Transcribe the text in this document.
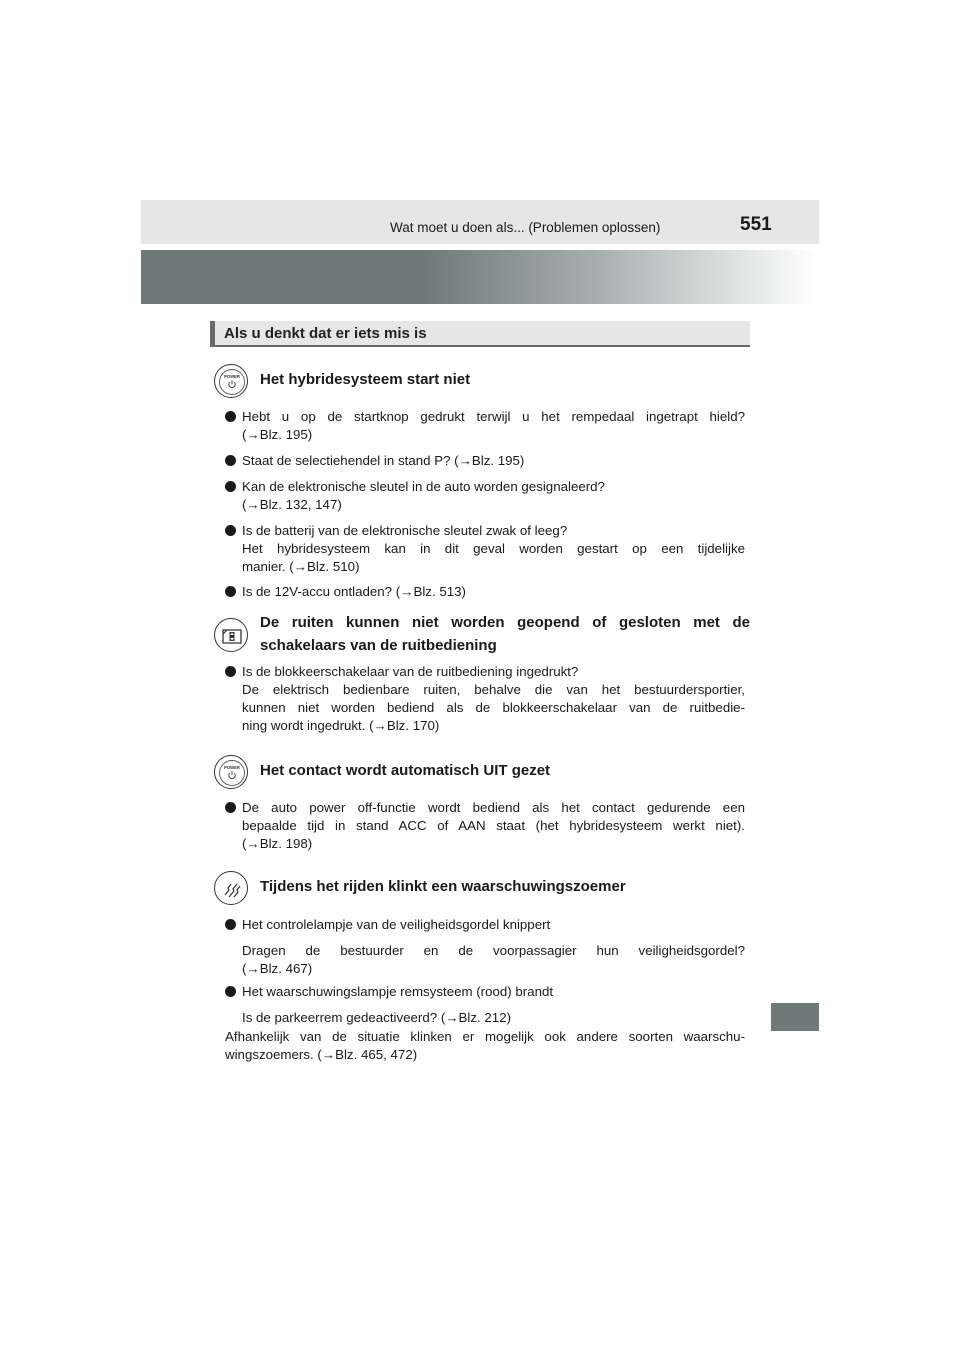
Wat moet u doen als... (Problemen oplossen)	551
Als u denkt dat er iets mis is
POWER Het hybridesysteem start niet
Hebt u op de startknop gedrukt terwijl u het rempedaal ingetrapt hield?
(→Blz. 195)
Staat de selectiehendel in stand P? (→Blz. 195)
Kan de elektronische sleutel in de auto worden gesignaleerd?
(→Blz. 132, 147)
Is de batterij van de elektronische sleutel zwak of leeg?
Het hybridesysteem kan in dit geval worden gestart op een tijdelijke
manier. (→Blz. 510)
Is de 12V-accu ontladen? (→Blz. 513)
De ruiten kunnen niet worden geopend of gesloten met de
schakelaars van de ruitbediening
Is de blokkeerschakelaar van de ruitbediening ingedrukt?
De elektrisch bedienbare ruiten, behalve die van het bestuurdersportier,
kunnen niet worden bediend als de blokkeerschakelaar van de ruitbedie-
ning wordt ingedrukt. (→Blz. 170)
POWER Het contact wordt automatisch UIT gezet
De auto power off-functie wordt bediend als het contact gedurende een
bepaalde tijd in stand ACC of AAN staat (het hybridesysteem werkt niet).
(→Blz. 198)
Tijdens het rijden klinkt een waarschuwingszoemer
Het controlelampje van de veiligheidsgordel knippert
Dragen de bestuurder en de voorpassagier hun veiligheidsgordel?
(→Blz. 467)
Het waarschuwingslampje remsysteem (rood) brandt
Is de parkeerrem gedeactiveerd? (→Blz. 212)
Afhankelijk van de situatie klinken er mogelijk ook andere soorten waarschu-
wingszoemers. (→Blz. 465, 472)
